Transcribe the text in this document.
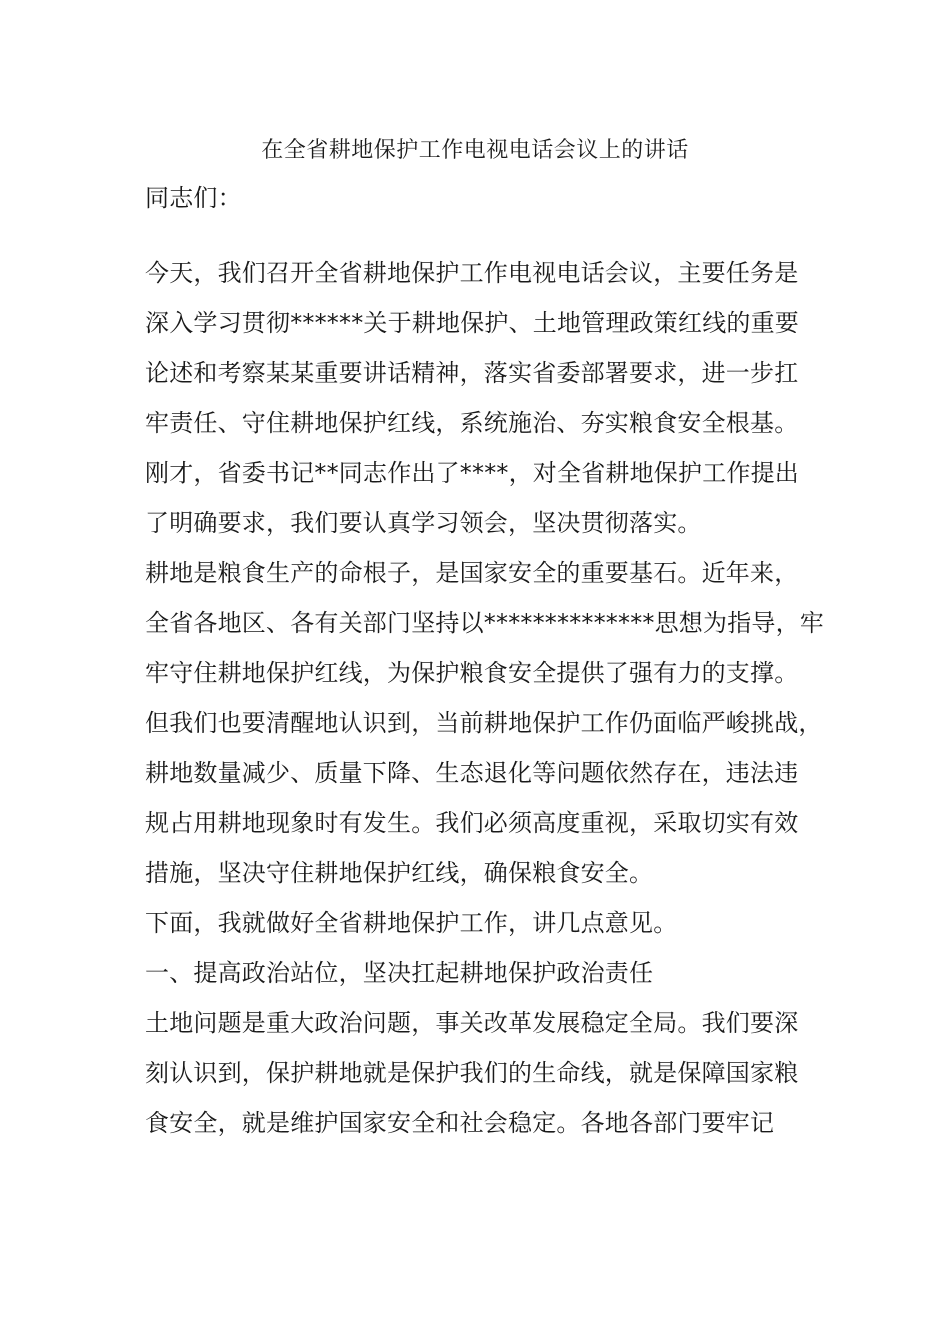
在全省耕地保护工作电视电话会议上的讲话
同志们：
今天，我们召开全省耕地保护工作电视电话会议，主要任务是
深入学习贯彻******关于耕地保护、土地管理政策红线的重要
论述和考察某某重要讲话精神，落实省委部署要求，进一步扛
牢责任、守住耕地保护红线，系统施治、夯实粮食安全根基。
刚才，省委书记**同志作出了****，对全省耕地保护工作提出
了明确要求，我们要认真学习领会，坚决贯彻落实。
耕地是粮食生产的命根子，是国家安全的重要基石。近年来，
全省各地区、各有关部门坚持以**************思想为指导，牢
牢守住耕地保护红线，为保护粮食安全提供了强有力的支撑。
但我们也要清醒地认识到，当前耕地保护工作仍面临严峻挑战，
耕地数量减少、质量下降、生态退化等问题依然存在，违法违
规占用耕地现象时有发生。我们必须高度重视，采取切实有效
措施，坚决守住耕地保护红线，确保粮食安全。
下面，我就做好全省耕地保护工作，讲几点意见。
一、提高政治站位，坚决扛起耕地保护政治责任
土地问题是重大政治问题，事关改革发展稳定全局。我们要深
刻认识到，保护耕地就是保护我们的生命线，就是保障国家粮
食安全，就是维护国家安全和社会稳定。各地各部门要牢记
